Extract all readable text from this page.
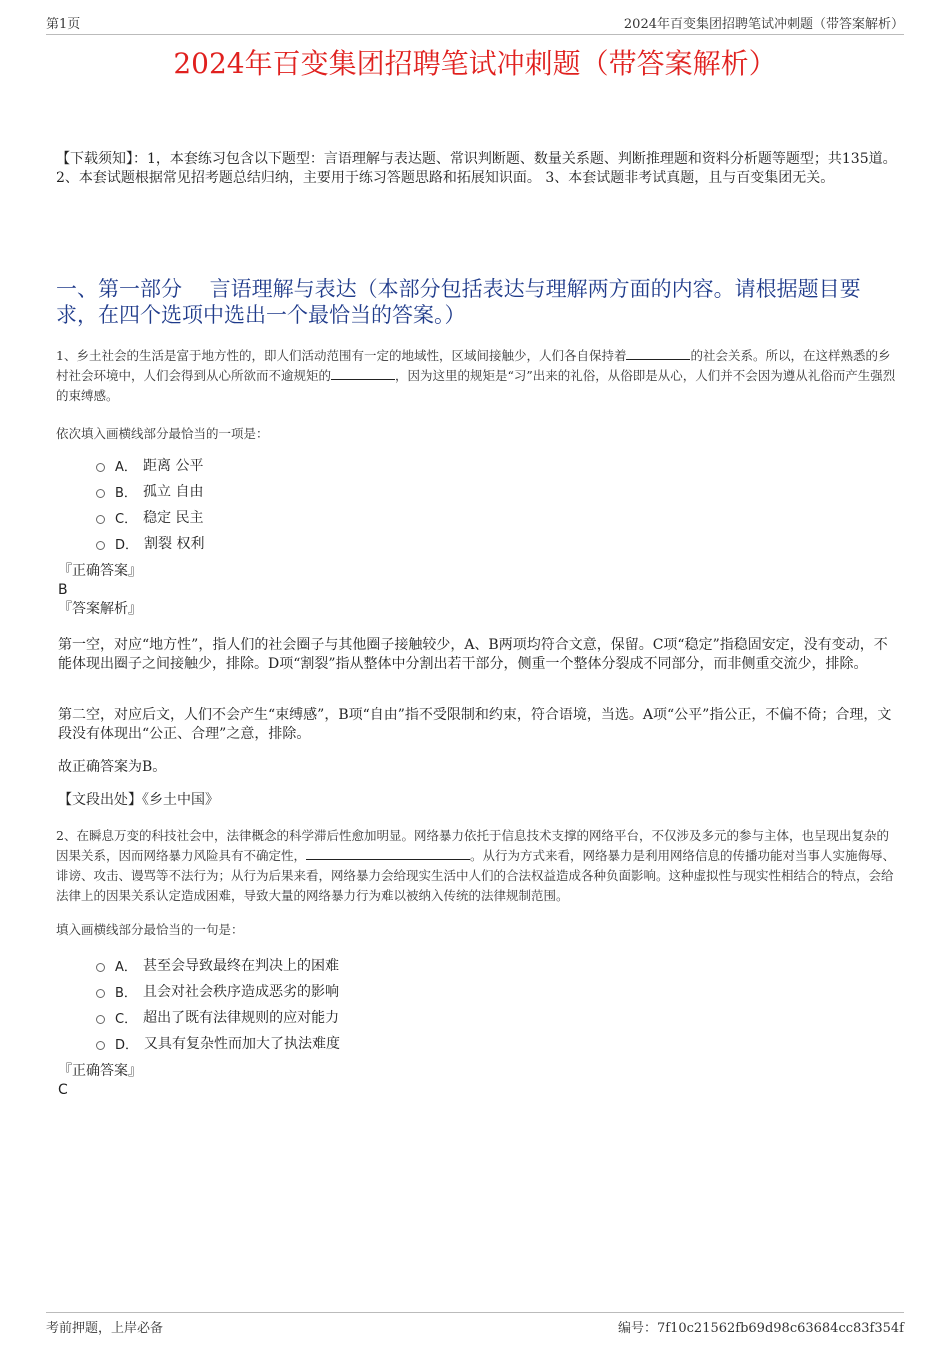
第1页	2024年百变集团招聘笔试冲刺题（带答案解析）
2024年百变集团招聘笔试冲刺题（带答案解析）

【下载须知】：1，本套练习包含以下题型：言语理解与表达题、常识判断题、数量关系题、判断推理题和资料分析题等题型；共135道。 2、本套试题根据常见招考题总结归纳，主要用于练习答题思路和拓展知识面。 3、本套试题非考试真题，且与百变集团无关。

一、第一部分　 言语理解与表达（本部分包括表达与理解两方面的内容。请根据题目要求，在四个选项中选出一个最恰当的答案。）

1、乡土社会的生活是富于地方性的，即人们活动范围有一定的地域性，区域间接触少，人们各自保持着	的社会关系。所以，在这样熟悉的乡村社会环境中，人们会得到从心所欲而不逾规矩的	，因为这里的规矩是“习”出来的礼俗，从俗即是从心，人们并不会因为遵从礼俗而产生强烈的束缚感。

依次填入画横线部分最恰当的一项是：

A． 距离 公平
B． 孤立 自由
C． 稳定 民主
D． 割裂 权利
『正确答案』
B
『答案解析』

第一空，对应“地方性”，指人们的社会圈子与其他圈子接触较少，A、B两项均符合文意，保留。C项“稳定”指稳固安定，没有变动，不能体现出圈子之间接触少，排除。D项“割裂”指从整体中分割出若干部分，侧重一个整体分裂成不同部分，而非侧重交流少，排除。

第二空，对应后文，人们不会产生“束缚感”，B项“自由”指不受限制和约束，符合语境，当选。A项“公平”指公正，不偏不倚；合理，文段没有体现出“公正、合理”之意，排除。

故正确答案为B。

【文段出处】《乡土中国》

2、在瞬息万变的科技社会中，法律概念的科学滞后性愈加明显。网络暴力依托于信息技术支撑的网络平台，不仅涉及多元的参与主体，也呈现出复杂的因果关系，因而网络暴力风险具有不确定性，	。从行为方式来看，网络暴力是利用网络信息的传播功能对当事人实施侮辱、诽谤、攻击、谩骂等不法行为；从行为后果来看，网络暴力会给现实生活中人们的合法权益造成各种负面影响。这种虚拟性与现实性相结合的特点，会给法律上的因果关系认定造成困难，导致大量的网络暴力行为难以被纳入传统的法律规制范围。

填入画横线部分最恰当的一句是：

A． 甚至会导致最终在判决上的困难
B． 且会对社会秩序造成恶劣的影响
C． 超出了既有法律规则的应对能力
D． 又具有复杂性而加大了执法难度
『正确答案』
C
考前押题，上岸必备	编号：7f10c21562fb69d98c63684cc83f354f
